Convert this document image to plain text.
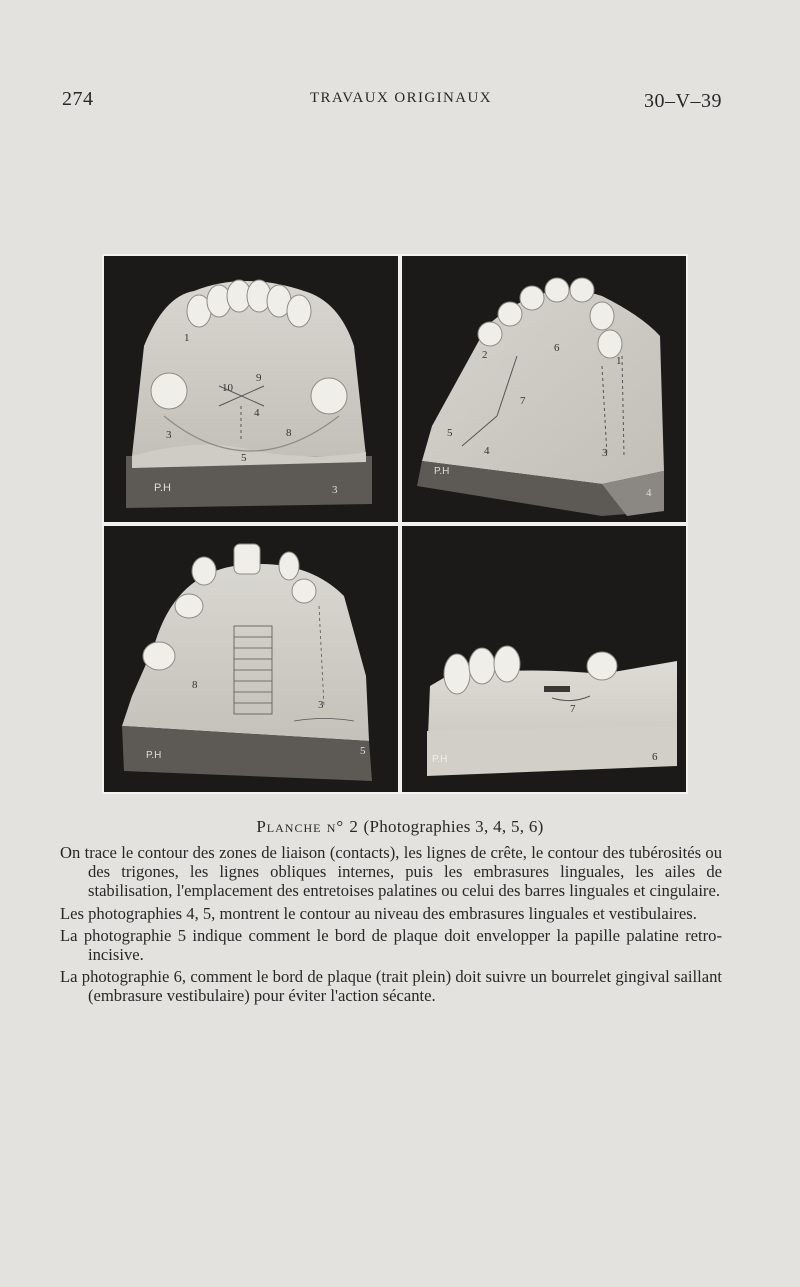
274	TRAVAUX ORIGINAUX	30–V–39
1
9
10
4
3	8
5
P.H	3
6
2	1
7
5
4	3
P.H
4
8
3
P.H	5
7
P.H	6
Planche n° 2 (Photographies 3, 4, 5, 6)

On trace le contour des zones de liaison (contacts), les lignes de crête, le contour des tubérosités ou des trigones, les lignes obliques internes, puis les embrasures linguales, les ailes de stabilisation, l'emplacement des entretoises palatines ou celui des barres linguales et cingulaire.

Les photographies 4, 5, montrent le contour au niveau des embrasures linguales et vestibulaires.

La photographie 5 indique comment le bord de plaque doit envelopper la papille palatine retro-incisive.

La photographie 6, comment le bord de plaque (trait plein) doit suivre un bourrelet gingival saillant (embrasure vestibulaire) pour éviter l'action sécante.
